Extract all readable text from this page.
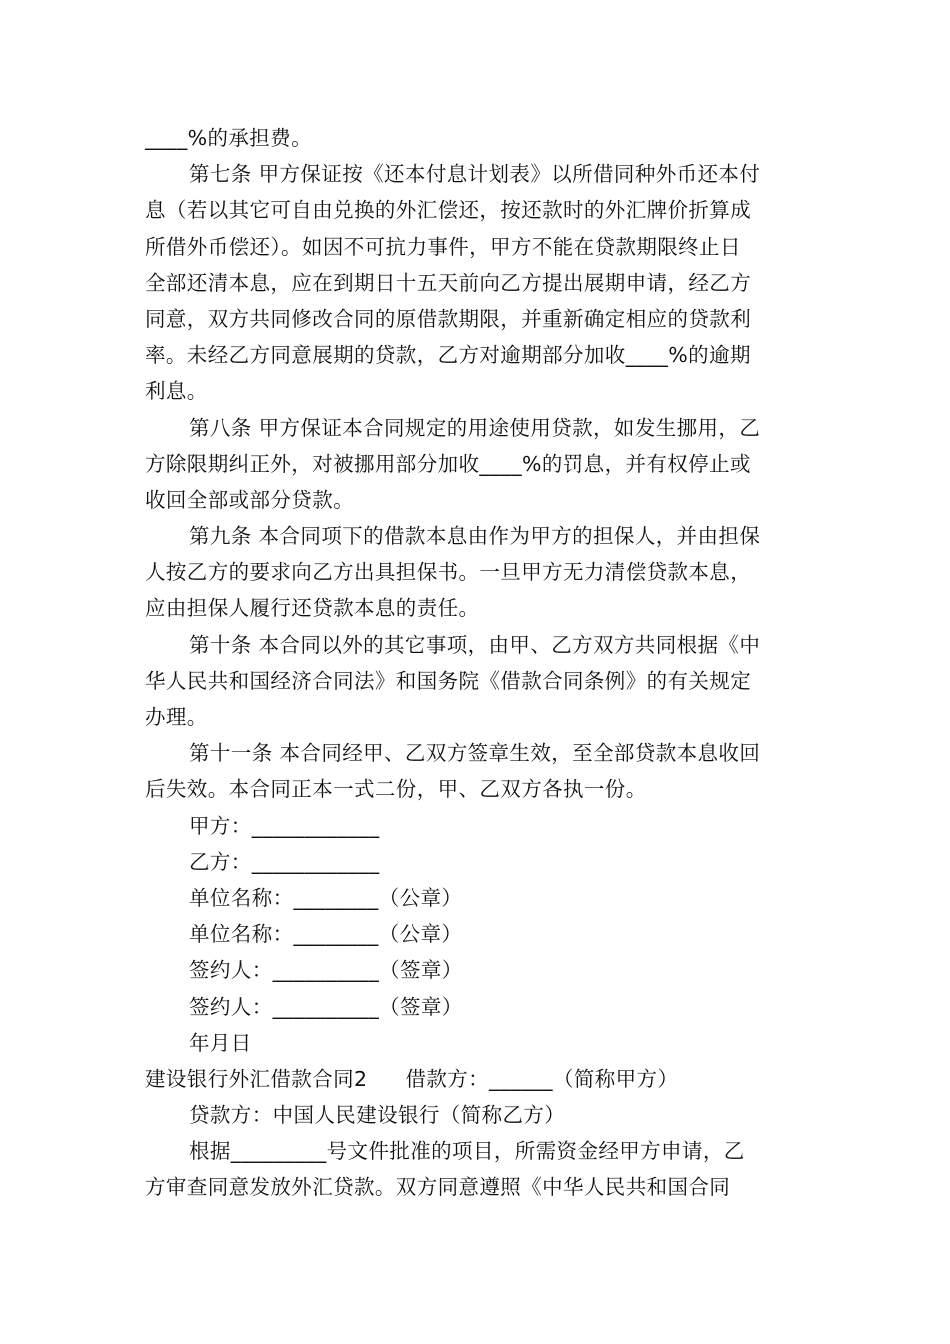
____%的承担费。
第七条 甲方保证按《还本付息计划表》以所借同种外币还本付
息（若以其它可自由兑换的外汇偿还，按还款时的外汇牌价折算成
所借外币偿还）。如因不可抗力事件，甲方不能在贷款期限终止日
全部还清本息，应在到期日十五天前向乙方提出展期申请，经乙方
同意，双方共同修改合同的原借款期限，并重新确定相应的贷款利
率。未经乙方同意展期的贷款，乙方对逾期部分加收____%的逾期
利息。
第八条 甲方保证本合同规定的用途使用贷款，如发生挪用，乙
方除限期纠正外，对被挪用部分加收____%的罚息，并有权停止或
收回全部或部分贷款。
第九条 本合同项下的借款本息由作为甲方的担保人，并由担保
人按乙方的要求向乙方出具担保书。一旦甲方无力清偿贷款本息，
应由担保人履行还贷款本息的责任。
第十条 本合同以外的其它事项，由甲、乙方双方共同根据《中
华人民共和国经济合同法》和国务院《借款合同条例》的有关规定
办理。
第十一条 本合同经甲、乙双方签章生效，至全部贷款本息收回
后失效。本合同正本一式二份，甲、乙双方各执一份。
甲方：____________
乙方：____________
单位名称：________（公章）
单位名称：________（公章）
签约人：__________（签章）
签约人：__________（签章）
年月日
建设银行外汇借款合同2 借款方：______（简称甲方）
贷款方：中国人民建设银行（简称乙方）
根据_________号文件批准的项目，所需资金经甲方申请，乙
方审查同意发放外汇贷款。双方同意遵照《中华人民共和国合同
